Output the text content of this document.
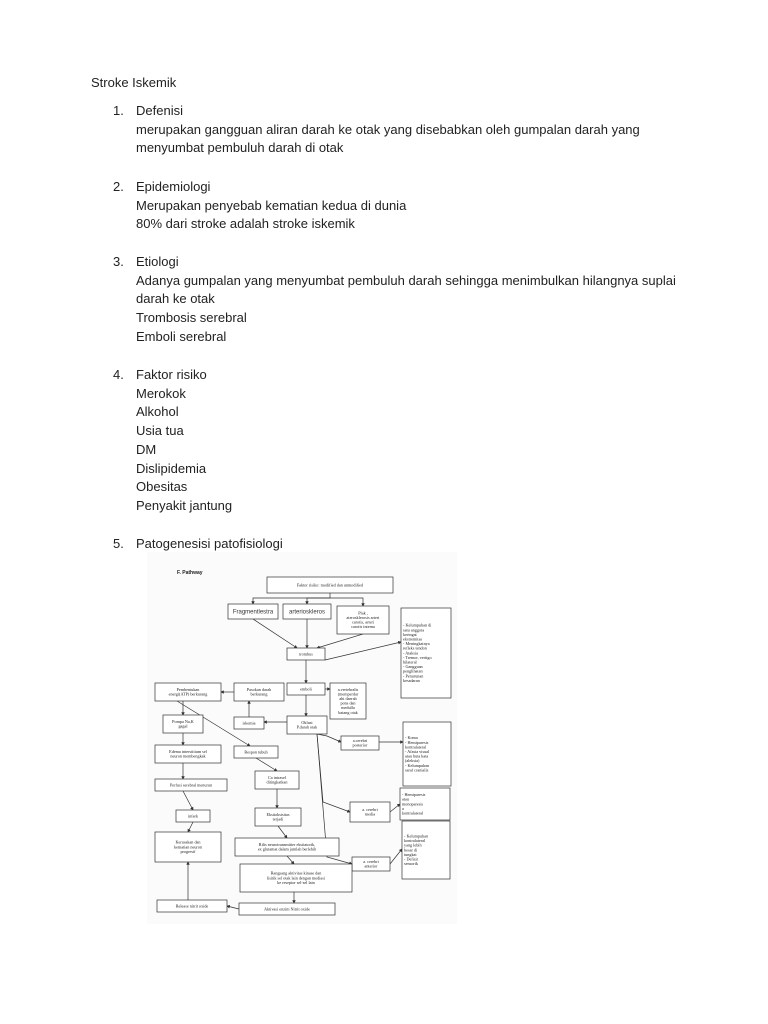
Stroke Iskemik
1. Defenisi
merupakan gangguan aliran darah ke otak yang disebabkan oleh gumpalan darah yang
menyumbat pembuluh darah di otak
2. Epidemiologi
Merupakan penyebab kematian kedua di dunia
80% dari stroke adalah stroke iskemik
3. Etiologi
Adanya gumpalan yang menyumbat pembuluh darah sehingga menimbulkan hilangnya suplai
darah ke otak
Trombosis serebral
Emboli serebral
4. Faktor risiko
Merokok
Alkohol
Usia tua
DM
Dislipidemia
Obesitas
Penyakit jantung
5. Patogenesisi patofisiologi
F. Pathway
Faktor risiko: modified dan unmodified
Fragmentlestra	arterioskleros	Plak ,
aterosklerosis arteri
carotis, arteri
carotis interna	- Kelumpuhan di
satu anggota
keringat
ekstremitas
- Meningkatnya
refleks tendon
- Ataksia
- Tremor, vertigo
bilateral
- Gangguan
penglihatan
- Penurunan
kesadaran
trombus
Pembentukan
energi(ATP) berkurang
Pasokan darah
berkurang
emboli	a.vertebralis
(memperdar
ahi daerah
pons dan
medulla
batang otak
Pompa Na,K
gagal
iskemia	Oklusi
P.darah otak
a.cerebri
posterior
- Koma
- Hemiparesis
kontralateral
- Afasia visual
atau buta kata
(aleksia)
- Kelumpuhan
saraf cranialis
Edema interstitium sel
neuron membengkak
Respon tubuh
Perfusi serebral menurun
Ca intrasel
ditingkatkan
a. cerebri
media
- Hemiparesis
atau
monoparesis
a
kontralateral
infark	Eksitoksisitas
terjadi
Kerusakan dan
kematian neuron
progresif
- Kelumpuhan
kontralateral
yang lebih
besar di
tungkai
- Defisit
sensorik
Rilis neurotransmitter eksitatorik,
ex glutamat dalam jumlah berlebih
a. cerebri
anterior
Rangsang aktivitas kinase dan
lisitik sel otak lain dengan mediasi
ke reseptor sel-sel lain
Release nitrit oxide
Aktivasi enzim Nitrit oxide
